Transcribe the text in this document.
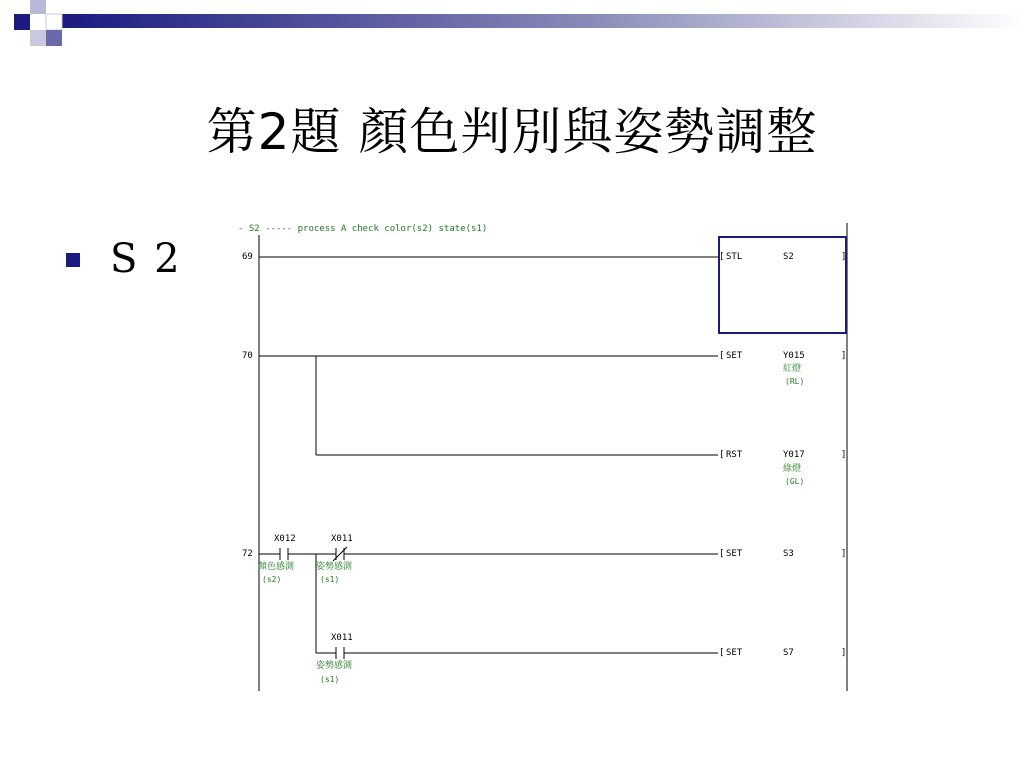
第2題 顏色判別與姿勢調整
S 2
- S2 ----- process A check color(s2) state(s1)
69	[ STL	S2	]
70	[ SET	Y015	]
紅燈
(RL)
[ RST	Y017	]
綠燈
(GL)
72
X012
顏色感測
(s2)
X011
姿勢感測
(s1)
[ SET	S3	]
X011
姿勢感測
(s1)
[ SET	S7	]
